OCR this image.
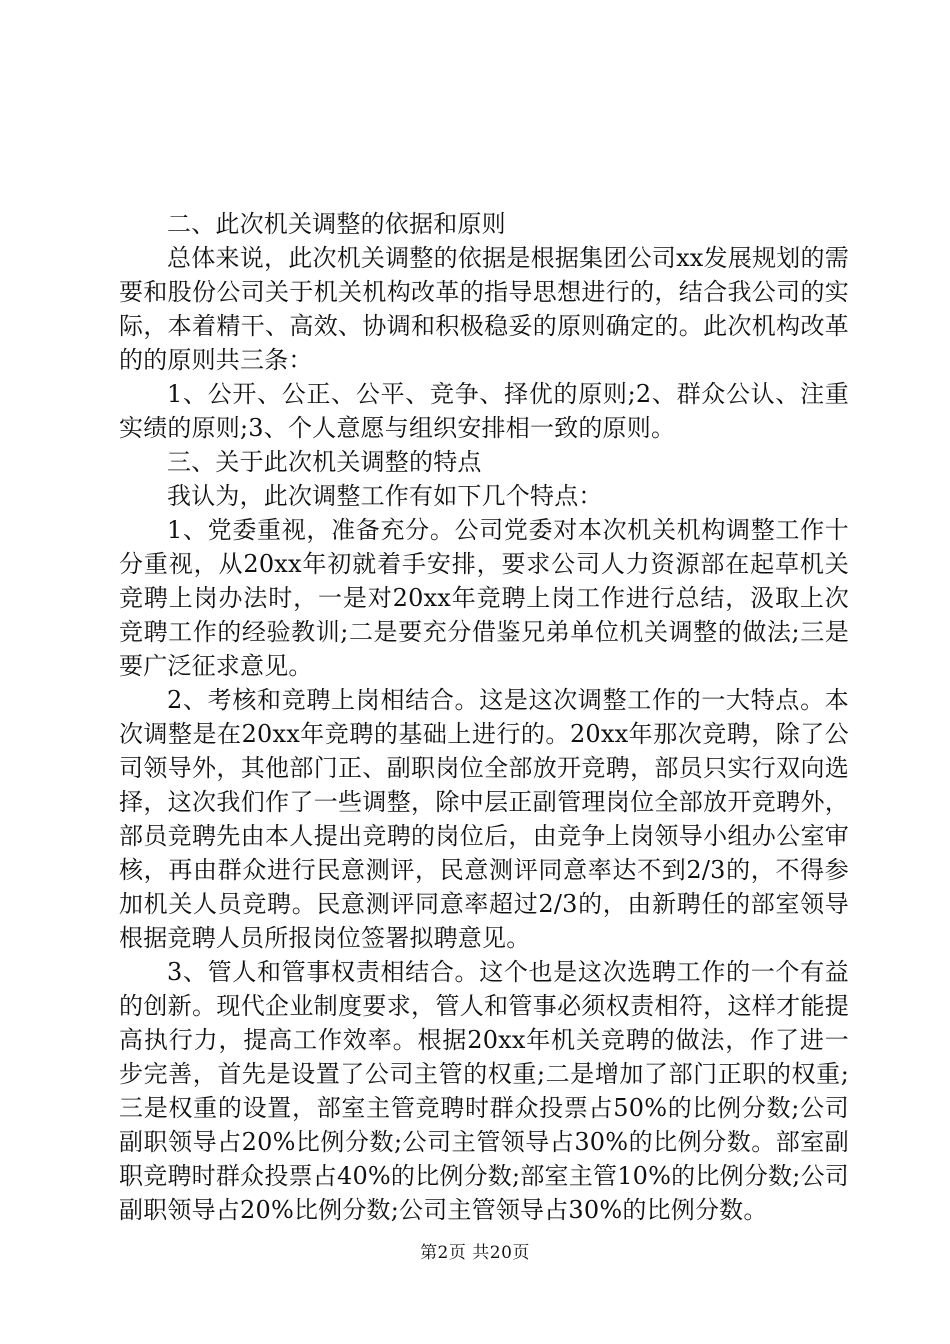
二、此次机关调整的依据和原则

总体来说，此次机关调整的依据是根据集团公司xx发展规划的需要和股份公司关于机关机构改革的指导思想进行的，结合我公司的实际，本着精干、高效、协调和积极稳妥的原则确定的。此次机构改革的的原则共三条：

1、公开、公正、公平、竞争、择优的原则;2、群众公认、注重实绩的原则;3、个人意愿与组织安排相一致的原则。

三、关于此次机关调整的特点

我认为，此次调整工作有如下几个特点：

1、党委重视，准备充分。公司党委对本次机关机构调整工作十分重视，从20xx年初就着手安排，要求公司人力资源部在起草机关竞聘上岗办法时，一是对20xx年竞聘上岗工作进行总结，汲取上次竞聘工作的经验教训;二是要充分借鉴兄弟单位机关调整的做法;三是要广泛征求意见。

2、考核和竞聘上岗相结合。这是这次调整工作的一大特点。本次调整是在20xx年竞聘的基础上进行的。20xx年那次竞聘，除了公司领导外，其他部门正、副职岗位全部放开竞聘，部员只实行双向选择，这次我们作了一些调整，除中层正副管理岗位全部放开竞聘外，部员竞聘先由本人提出竞聘的岗位后，由竞争上岗领导小组办公室审核，再由群众进行民意测评，民意测评同意率达不到2/3的，不得参加机关人员竞聘。民意测评同意率超过2/3的，由新聘任的部室领导根据竞聘人员所报岗位签署拟聘意见。

3、管人和管事权责相结合。这个也是这次选聘工作的一个有益的创新。现代企业制度要求，管人和管事必须权责相符，这样才能提高执行力，提高工作效率。根据20xx年机关竞聘的做法，作了进一步完善，首先是设置了公司主管的权重;二是增加了部门正职的权重;三是权重的设置，部室主管竞聘时群众投票占50%的比例分数;公司副职领导占20%比例分数;公司主管领导占30%的比例分数。部室副职竞聘时群众投票占40%的比例分数;部室主管10%的比例分数;公司副职领导占20%比例分数;公司主管领导占30%的比例分数。

第2页 共20页
